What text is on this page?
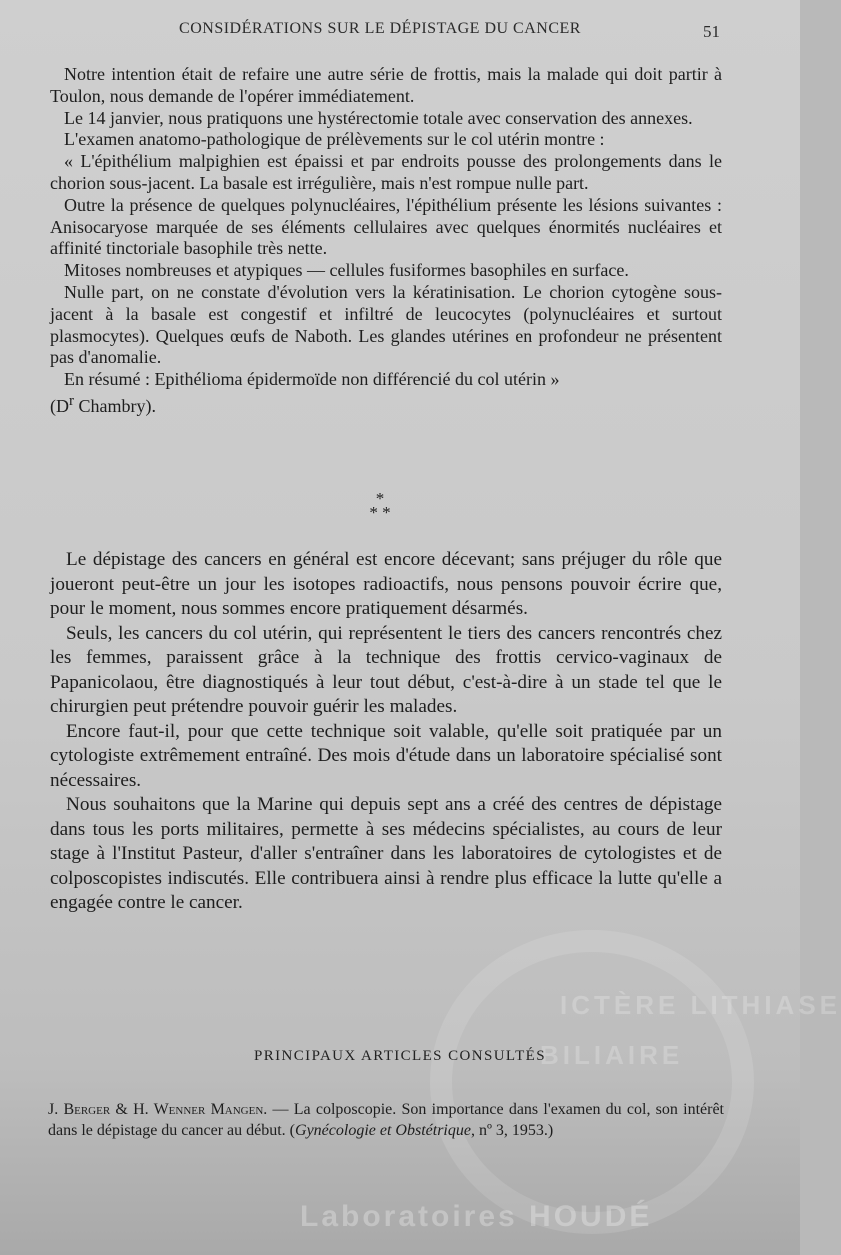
ICTÈRE LITHIASE
BILIAIRE
Laboratoires HOUDÉ
CONSIDÉRATIONS SUR LE DÉPISTAGE DU CANCER	51

Notre intention était de refaire une autre série de frottis, mais la malade qui doit partir à Toulon, nous demande de l'opérer immédiatement.

Le 14 janvier, nous pratiquons une hystérectomie totale avec conservation des annexes.

L'examen anatomo-pathologique de prélèvements sur le col utérin montre :

« L'épithélium malpighien est épaissi et par endroits pousse des prolongements dans le chorion sous-jacent. La basale est irrégulière, mais n'est rompue nulle part.

Outre la présence de quelques polynucléaires, l'épithélium présente les lésions suivantes : Anisocaryose marquée de ses éléments cellulaires avec quelques énormités nucléaires et affinité tinctoriale basophile très nette.

Mitoses nombreuses et atypiques — cellules fusiformes basophiles en surface.

Nulle part, on ne constate d'évolution vers la kératinisation. Le chorion cytogène sous-jacent à la basale est congestif et infiltré de leucocytes (polynucléaires et surtout plasmocytes). Quelques œufs de Naboth. Les glandes utérines en profondeur ne présentent pas d'anomalie.

En résumé : Epithélioma épidermoïde non différencié du col utérin »

($D^r$ Chambry).

*
* *

Le dépistage des cancers en général est encore décevant; sans préjuger du rôle que joueront peut-être un jour les isotopes radioactifs, nous pensons pouvoir écrire que, pour le moment, nous sommes encore pratiquement désarmés.

Seuls, les cancers du col utérin, qui représentent le tiers des cancers rencontrés chez les femmes, paraissent grâce à la technique des frottis cervico-vaginaux de Papanicolaou, être diagnostiqués à leur tout début, c'est-à-dire à un stade tel que le chirurgien peut prétendre pouvoir guérir les malades.

Encore faut-il, pour que cette technique soit valable, qu'elle soit pratiquée par un cytologiste extrêmement entraîné. Des mois d'étude dans un laboratoire spécialisé sont nécessaires.

Nous souhaitons que la Marine qui depuis sept ans a créé des centres de dépistage dans tous les ports militaires, permette à ses médecins spécialistes, au cours de leur stage à l'Institut Pasteur, d'aller s'entraîner dans les laboratoires de cytologistes et de colposcopistes indiscutés. Elle contribuera ainsi à rendre plus efficace la lutte qu'elle a engagée contre le cancer.

PRINCIPAUX ARTICLES CONSULTÉS
J. Berger & H. Wenner Mangen. — La colposcopie. Son importance dans l'examen du col, son intérêt dans le dépistage du cancer au début. (Gynécologie et Obstétrique, nº 3, 1953.)
